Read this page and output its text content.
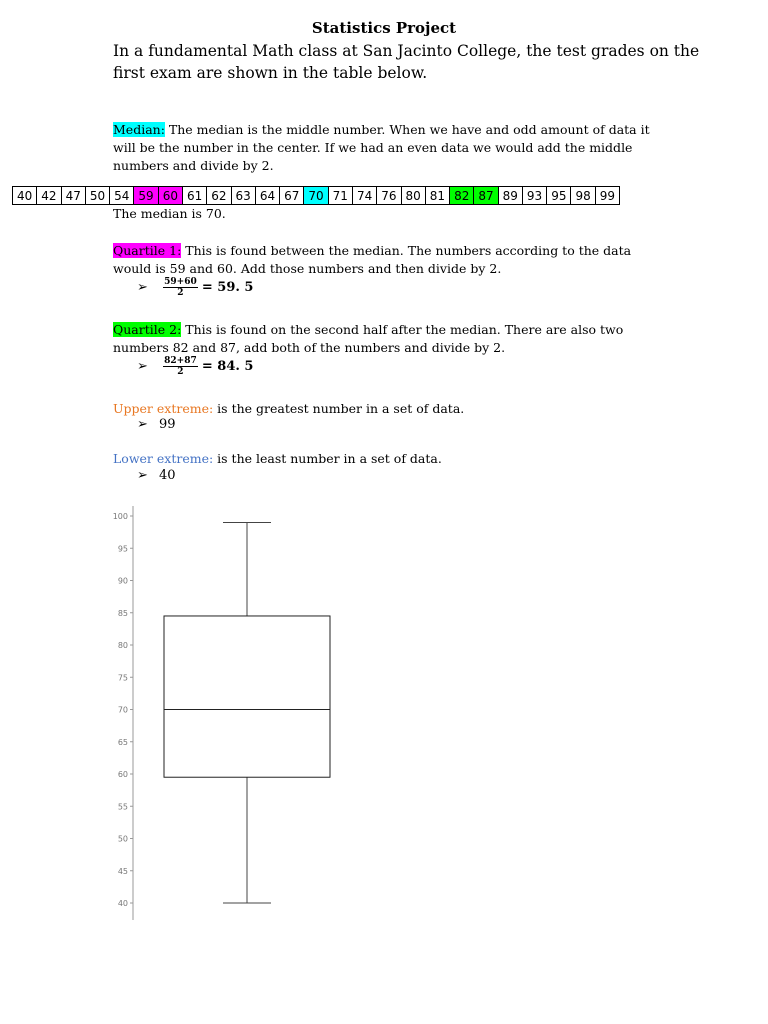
Statistics Project
In a fundamental Math class at San Jacinto College, the test grades on the first exam are shown in the table below.
Median: The median is the middle number. When we have and odd amount of data it will be the number in the center. If we had an even data we would add the middle numbers and divide by 2.
40	42	47	50	54	59	60	61	62	63	64	67	70	71	74	76	80	81	82	87	89	93	95	98	99
The median is 70.
Quartile 1: This is found between the median. The numbers according to the data would is 59 and 60. Add those numbers and then divide by 2.
➢ $\frac{59+60}{2} = 59$. 5
Quartile 2: This is found on the second half after the median. There are also two numbers 82 and 87, add both of the numbers and divide by 2.
➢ $\frac{82+87}{2} = 84$. 5
Upper extreme: is the greatest number in a set of data.
➢ 99
Lower extreme: is the least number in a set of data.
➢ 40
40
45
50
55
60
65
70
75
80
85
90
95
100
